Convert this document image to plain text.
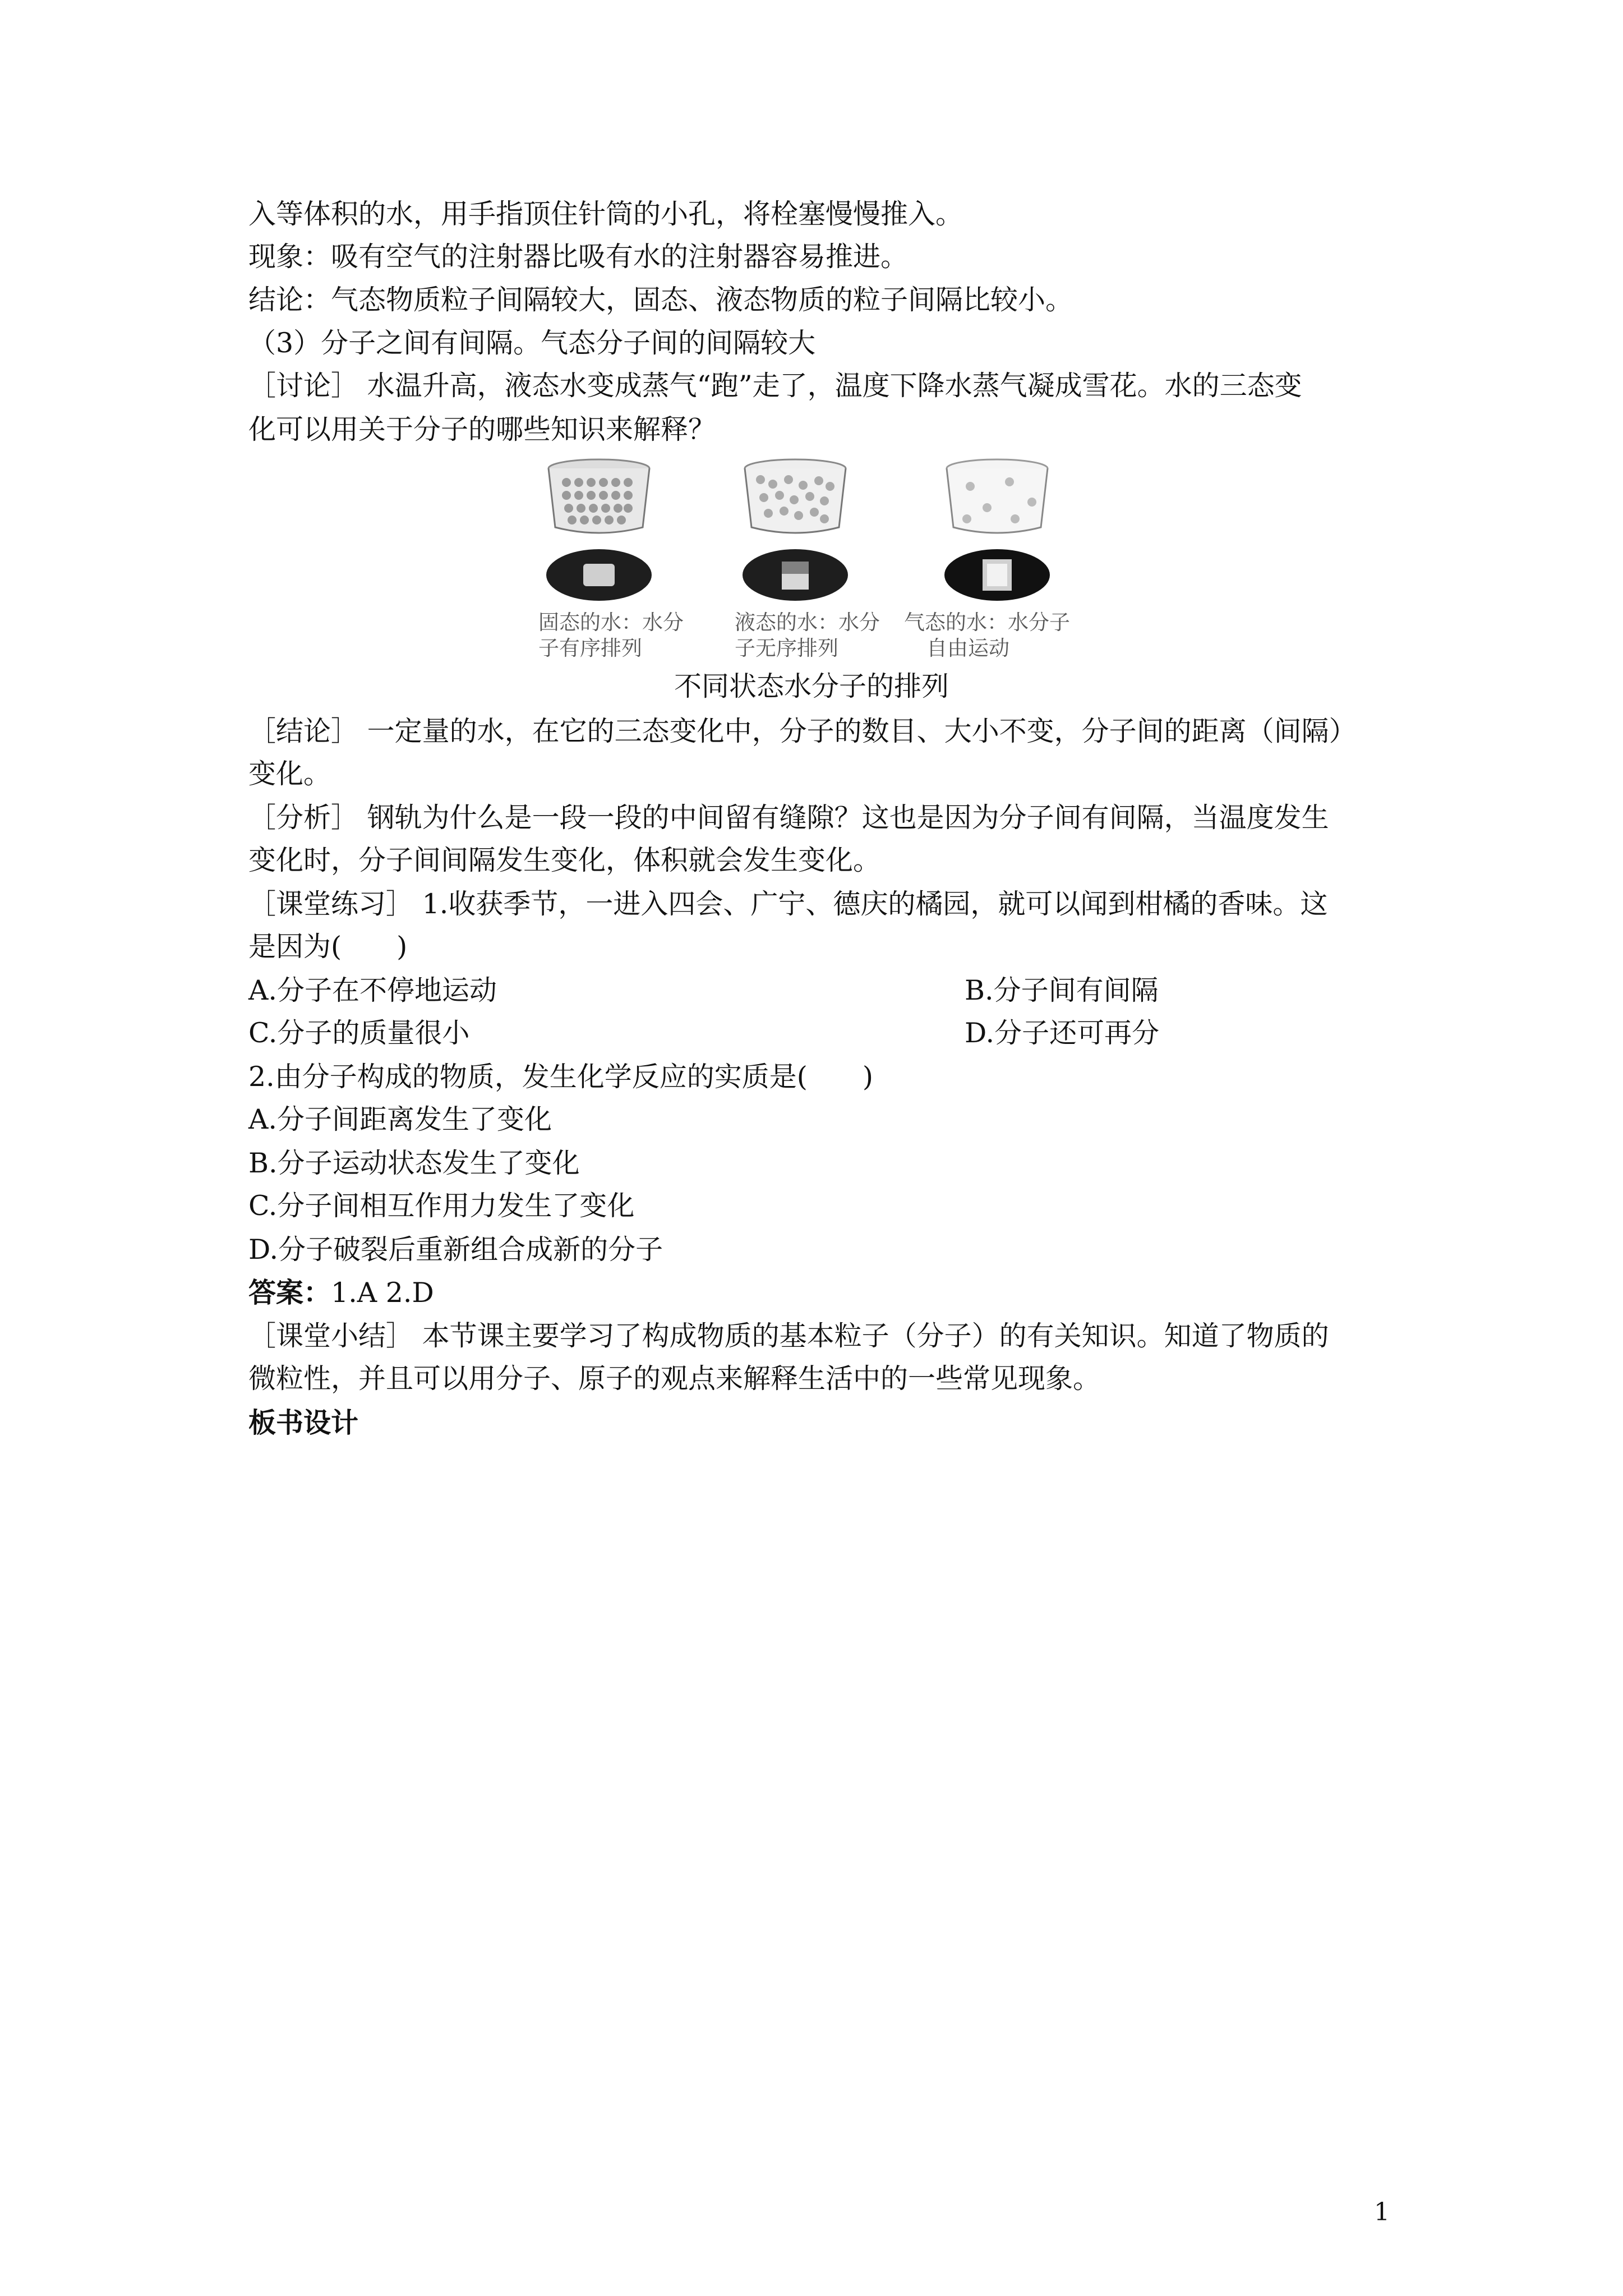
入等体积的水，用手指顶住针筒的小孔，将栓塞慢慢推入。
现象：吸有空气的注射器比吸有水的注射器容易推进。
结论：气态物质粒子间隔较大，固态、液态物质的粒子间隔比较小。
（3）分子之间有间隔。气态分子间的间隔较大
［讨论］ 水温升高，液态水变成蒸气“跑”走了，温度下降水蒸气凝成雪花。水的三态变
化可以用关于分子的哪些知识来解释？
固态的水：水分
子有序排列
液态的水：水分
子无序排列
气态的水：水分子
自由运动
不同状态水分子的排列
［结论］ 一定量的水，在它的三态变化中，分子的数目、大小不变，分子间的距离（间隔）
变化。
［分析］ 钢轨为什么是一段一段的中间留有缝隙？这也是因为分子间有间隔，当温度发生
变化时，分子间间隔发生变化，体积就会发生变化。
［课堂练习］ 1.收获季节，一进入四会、广宁、德庆的橘园，就可以闻到柑橘的香味。这
是因为(　　)
A.分子在不停地运动	B.分子间有间隔
C.分子的质量很小	D.分子还可再分
2.由分子构成的物质，发生化学反应的实质是(　　)
A.分子间距离发生了变化
B.分子运动状态发生了变化
C.分子间相互作用力发生了变化
D.分子破裂后重新组合成新的分子
答案：1.A 2.D
［课堂小结］ 本节课主要学习了构成物质的基本粒子（分子）的有关知识。知道了物质的
微粒性，并且可以用分子、原子的观点来解释生活中的一些常见现象。
板书设计
1
